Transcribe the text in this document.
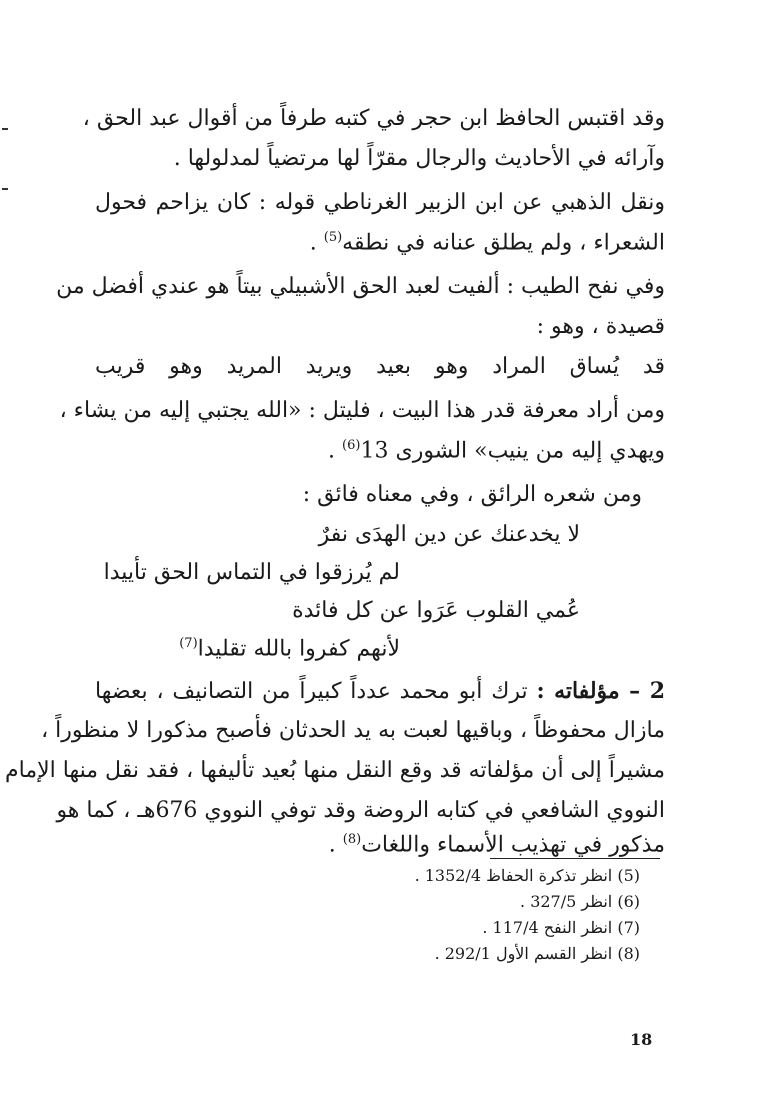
وقد اقتبس الحافظ ابن حجر في كتبه طرفاً من أقوال عبد الحق ،
وآرائه في الأحاديث والرجال مقرّاً لها مرتضياً لمدلولها .
ونقل الذهبي عن ابن الزبير الغرناطي قوله : كان يزاحم فحول
الشعراء ، ولم يطلق عنانه في نطقه$^{(5)}$ .
وفي نفح الطيب : ألفيت لعبد الحق الأشبيلي بيتاً هو عندي أفضل من
قصيدة ، وهو :
قد يُساق المراد وهو بعيد ويريد المريد وهو قريب
ومن أراد معرفة قدر هذا البيت ، فليتل : «الله يجتبي إليه من يشاء ،
ويهدي إليه من ينيب» الشورى 13$^{(6)}$ .
ومن شعره الرائق ، وفي معناه فائق :
لا يخدعنك عن دين الهدَى نفرٌ
لم يُرزقوا في التماس الحق تأييدا
عُمي القلوب عَرَوا عن كل فائدة
لأنهم كفروا بالله تقليدا$^{(7)}$
2 – مؤلفاته : ترك أبو محمد عدداً كبيراً من التصانيف ، بعضها
مازال محفوظاً ، وباقيها لعبت به يد الحدثان فأصبح مذكورا لا منظوراً ،
مشيراً إلى أن مؤلفاته قد وقع النقل منها بُعيد تأليفها ، فقد نقل منها الإمام
النووي الشافعي في كتابه الروضة وقد توفي النووي 676هـ ، كما هو
مذكور في تهذيب الأسماء واللغات$^{(8)}$ .
(5) انظر تذكرة الحفاظ 1352/4 .
(6) انظر 327/5 .
(7) انظر النفح 117/4 .
(8) انظر القسم الأول 292/1 .
18
